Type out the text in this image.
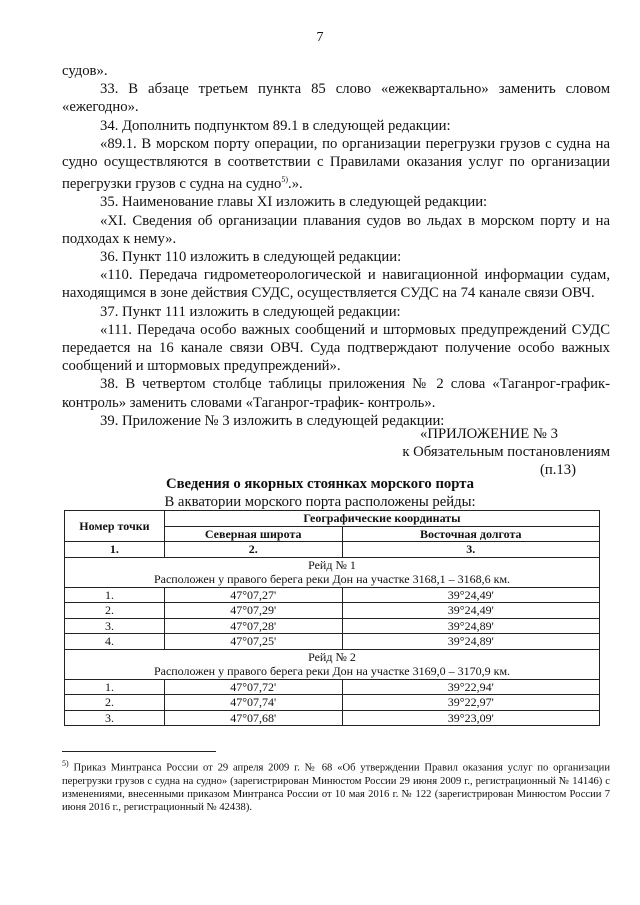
7

судов».

33. В абзаце третьем пункта 85 слово «ежеквартально» заменить словом «ежегодно».

34. Дополнить подпунктом 89.1 в следующей редакции:

«89.1. В морском порту операции, по организации перегрузки грузов с судна на судно осуществляются в соответствии с Правилами оказания услуг по организации перегрузки грузов с судна на судно$^{5)}$.».

35. Наименование главы XI изложить в следующей редакции:

«XI. Сведения об организации плавания судов во льдах в морском порту и на подходах к нему».

36. Пункт 110 изложить в следующей редакции:

«110. Передача гидрометеорологической и навигационной информации судам, находящимся в зоне действия СУДС, осуществляется СУДС на 74 канале связи ОВЧ.

37. Пункт 111 изложить в следующей редакции:

«111. Передача особо важных сообщений и штормовых предупреждений СУДС передается на 16 канале связи ОВЧ. Суда подтверждают получение особо важных сообщений и штормовых предупреждений».

38. В четвертом столбце таблицы приложения № 2 слова «Таганрог-график-контроль» заменить словами «Таганрог-трафик- контроль».

39. Приложение № 3 изложить в следующей редакции:

«ПРИЛОЖЕНИЕ № 3
к Обязательным постановлениям
(п.13)
Сведения о якорных стоянках морского порта
В акватории морского порта расположены рейды:
Номер точки	Географические координаты	
	Северная широта	Восточная долгота
1.	2.	3.

Рейд № 1
Расположен у правого берега реки Дон на участке 3168,1 – 3168,6 км.		

1.	47°07,27'	39°24,49'
2.	47°07,29'	39°24,49'
3.	47°07,28'	39°24,89'
4.	47°07,25'	39°24,89'

Рейд № 2
Расположен у правого берега реки Дон на участке 3169,0 – 3170,9 км.		

1.	47°07,72'	39°22,94'
2.	47°07,74'	39°22,97'
3.	47°07,68'	39°23,09'
$^{5)}$ Приказ Минтранса России от 29 апреля 2009 г. № 68 «Об утверждении Правил оказания услуг по организации перегрузки грузов с судна на судно» (зарегистрирован Минюстом России 29 июня 2009 г., регистрационный № 14146) с изменениями, внесенными приказом Минтранса России от 10 мая 2016 г. № 122 (зарегистрирован Минюстом России 7 июня 2016 г., регистрационный № 42438).
